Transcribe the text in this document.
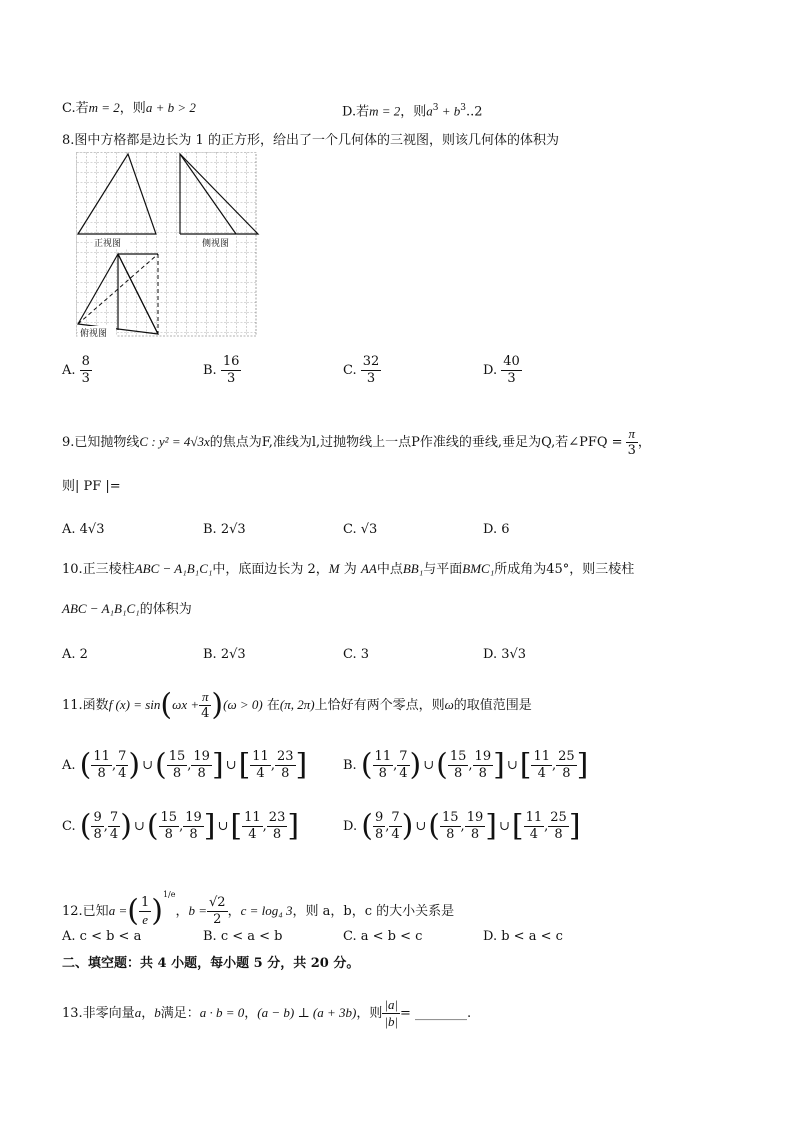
C.若m = 2，则a + b > 2	D.若m = 2，则$a^3 + b^3..2$
8.图中方格都是边长为 1 的正方形，给出了一个几何体的三视图，则该几何体的体积为
正视图	侧视图
俯视图
A. $\frac{8}{3}$	B. $\frac{16}{3}$	C. $\frac{32}{3}$	D. $\frac{40}{3}$
9.已知抛物线C : y² = 4√3x的焦点为F,准线为l,过抛物线上一点P作准线的垂线,垂足为Q,若∠PFQ = $\frac{\pi}{3}$ ，
则| PF |=
A. 4√3	B. 2√3	C. √3	D. 6
10.正三棱柱ABC − A₁B₁C₁中，底面边长为 2，M 为 AA中点BB₁与平面BMC₁所成角为45°，则三棱柱
ABC − A₁B₁C₁的体积为
A. 2	B. 2√3	C. 3	D. 3√3
11.函数f $(x) = \sin(\omega x + \frac{\pi}{4} )(\omega > 0)$ 在(π, 2π)上恰好有两个零点，则ω的取值范围是
A. ( $\frac{11}{8}$ , $\frac{7}{4}$ ) ∪( $\frac{15}{8}$ , $\frac{19}{8}$ ] ∪[ $\frac{11}{4}$ , $\frac{23}{8}$ ]	B. ( $\frac{11}{8}$ , $\frac{7}{4}$ ) ∪( $\frac{15}{8}$ , $\frac{19}{8}$ ] ∪[ $\frac{11}{4}$ , $\frac{25}{8}$ ]
C. ( $\frac{9}{8}$ , $\frac{7}{4}$ ) ∪( $\frac{15}{8}$ , $\frac{19}{8}$ ] ∪[ $\frac{11}{4}$ , $\frac{23}{8}$ ]	D. ( $\frac{9}{8}$ , $\frac{7}{4}$ ) ∪( $\frac{15}{8}$ , $\frac{19}{8}$ ] ∪[ $\frac{11}{4}$ , $\frac{25}{8}$ ]
12.已知a =( $\frac{1}{e} )^{1/e}$，$b = \frac{√2}{2}$ ，c = log₄ 3，则 a，b，c 的大小关系是
A. c < b < a	B. c < a < b	C. a < b < c	D. b < a < c
二、填空题：共 4 小题，每小题 5 分，共 20 分。
13.非零向量a，b满足：a · b = 0，(a − b) ⊥ (a + 3b)，则 $\frac{|a|}{|b|}$ = ________.
